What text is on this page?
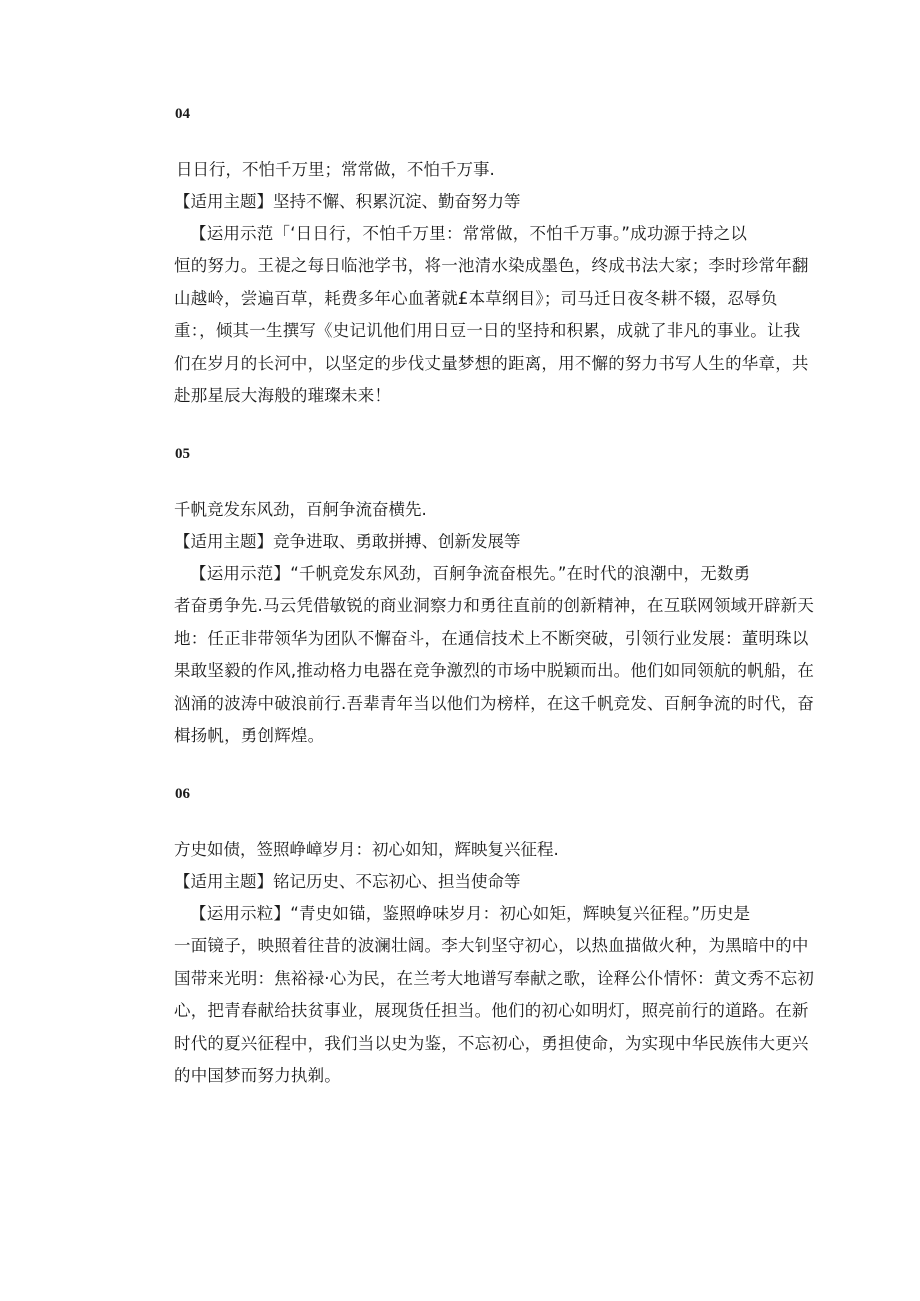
04

日日行，不怕千万里；常常做，不怕千万事.

【适用主题】坚持不懈、积累沉淀、勤奋努力等

【运用示范「‘日日行，不怕千万里：常常做，不怕千万事。”成功源于持之以
恒的努力。王禔之每日临池学书，将一池清水染成墨色，终成书法大家；李时珍常年翻
山越岭，尝遍百草，耗费多年心血著就£本草纲目》；司马迁日夜冬耕不辍，忍辱负
重：，倾其一生撰写《史记讥他们用日豆一日的坚持和积累，成就了非凡的事业。让我
们在岁月的长河中，以坚定的步伐丈量梦想的距离，用不懈的努力书写人生的华章，共
赴那星辰大海般的璀璨未来！

05

千帆竞发东风劲，百舸争流奋横先.

【适用主题】竞争进取、勇敢拼搏、创新发展等

【运用示范】“千帆竞发东风劲，百舸争流奋根先。”在时代的浪潮中，无数勇
者奋勇争先.马云凭借敏锐的商业洞察力和勇往直前的创新精神，在互联网领域开辟新天
地：任正非带领华为团队不懈奋斗，在通信技术上不断突破，引领行业发展：董明珠以
果敢坚毅的作风,推动格力电器在竞争激烈的市场中脱颖而出。他们如同领航的帆船，在
汹涌的波涛中破浪前行.吾辈青年当以他们为榜样，在这千帆竞发、百舸争流的时代，奋
楫扬帆，勇创辉煌。

06

方史如债，签照峥嶂岁月：初心如知，辉映复兴征程.

【适用主题】铭记历史、不忘初心、担当使命等

【运用示粒】“青史如锚，鉴照峥味岁月：初心如矩，辉映复兴征程。”历史是
一面镜子，映照着往昔的波澜壮阔。李大钊坚守初心，以热血描做火种，为黑暗中的中
国带来光明：焦裕禄·心为民，在兰考大地谱写奉献之歌，诠释公仆情怀：黄文秀不忘初
心，把青春献给扶贫事业，展现货任担当。他们的初心如明灯，照亮前行的道路。在新
时代的夏兴征程中，我们当以史为鉴，不忘初心，勇担使命，为实现中华民族伟大更兴
的中国梦而努力执剃。
